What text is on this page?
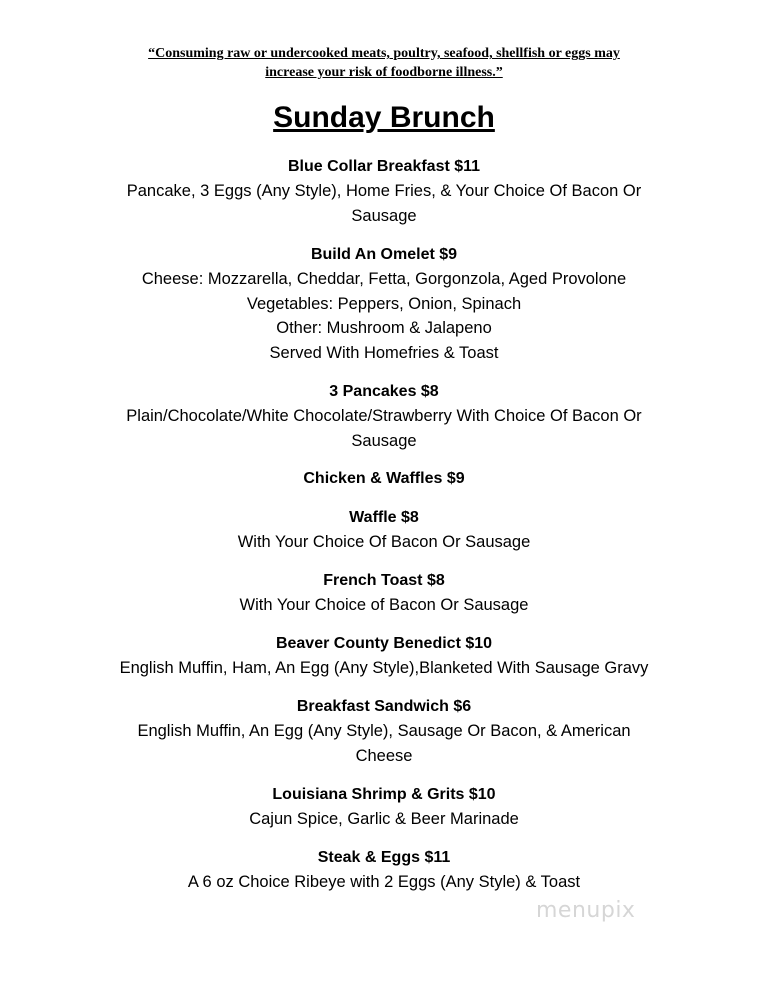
“Consuming raw or undercooked meats, poultry, seafood, shellfish or eggs may
increase your risk of foodborne illness.”
Sunday Brunch
Blue Collar Breakfast $11
Pancake, 3 Eggs (Any Style), Home Fries, & Your Choice Of Bacon Or
Sausage
Build An Omelet $9
Cheese: Mozzarella, Cheddar, Fetta, Gorgonzola, Aged Provolone
Vegetables: Peppers, Onion, Spinach
Other: Mushroom & Jalapeno
Served With Homefries & Toast
3 Pancakes $8
Plain/Chocolate/White Chocolate/Strawberry With Choice Of Bacon Or
Sausage
Chicken & Waffles $9
Waffle $8
With Your Choice Of Bacon Or Sausage
French Toast $8
With Your Choice of Bacon Or Sausage
Beaver County Benedict $10
English Muffin, Ham, An Egg (Any Style),Blanketed With Sausage Gravy
Breakfast Sandwich $6
English Muffin, An Egg (Any Style), Sausage Or Bacon, & American
Cheese
Louisiana Shrimp & Grits $10
Cajun Spice, Garlic & Beer Marinade
Steak & Eggs $11
A 6 oz Choice Ribeye with 2 Eggs (Any Style) & Toast
menupix
